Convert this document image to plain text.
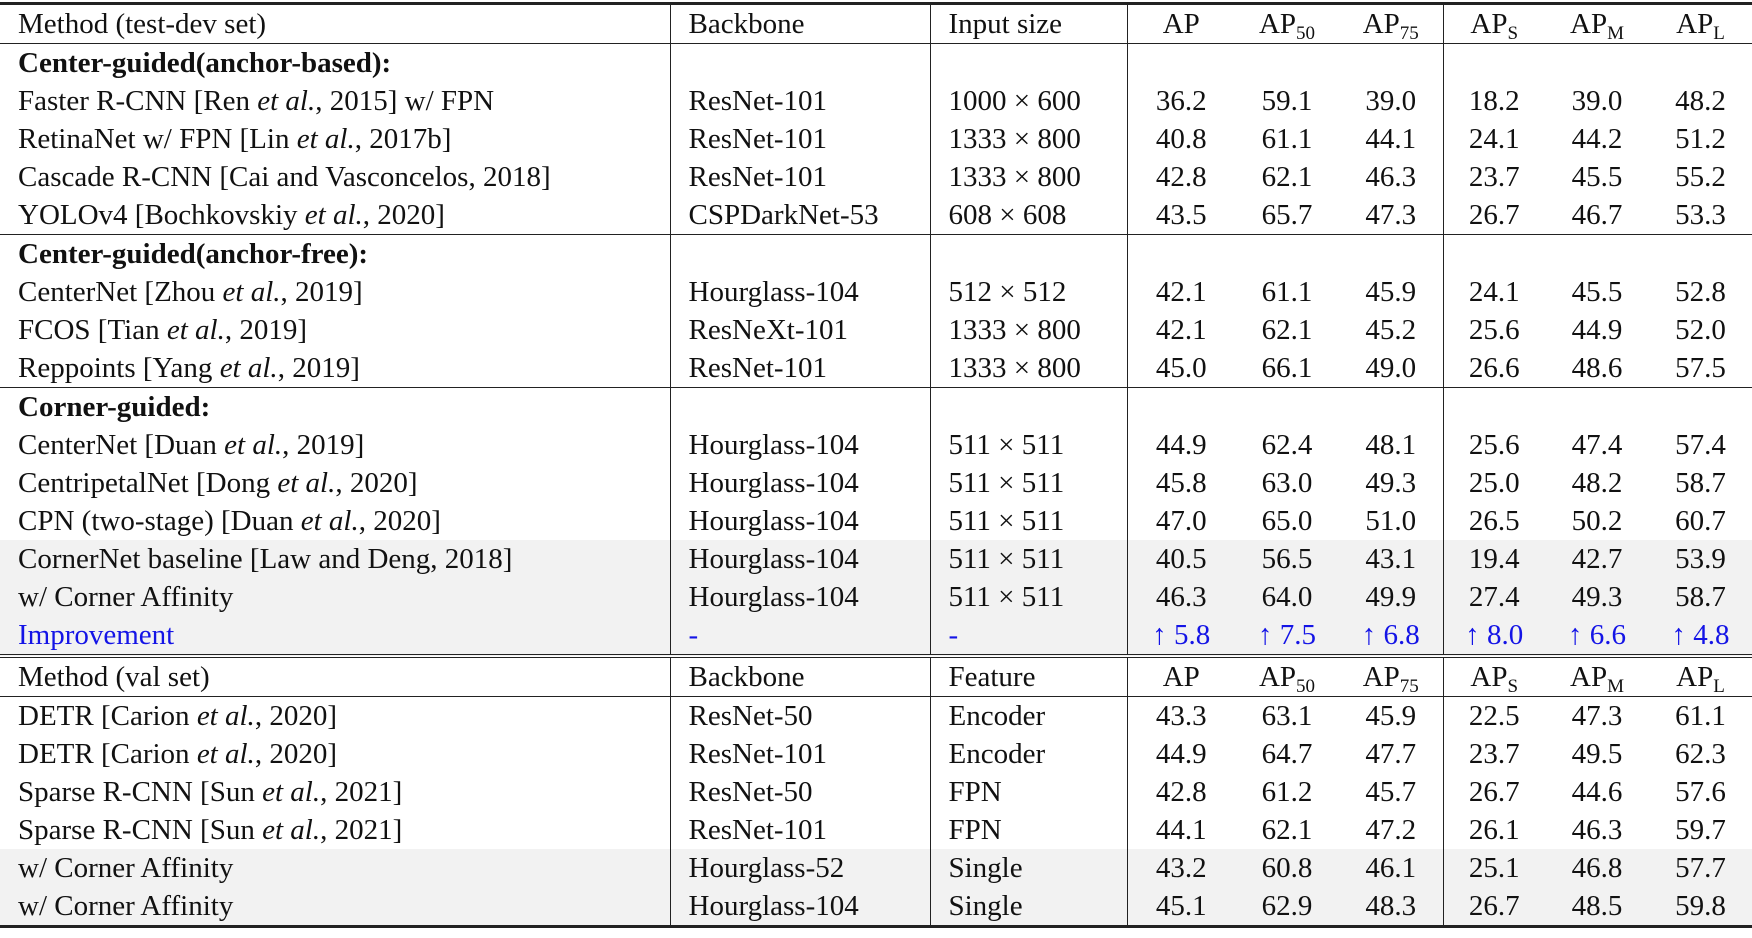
Method (test-dev set)	Backbone	Input size	AP	$AP_{50}$	$AP_{75}$	$AP_S$	$AP_M$	$AP_L$
Center-guided(anchor-based):								
Faster R-CNN [Ren et al., 2015] w/ FPN	ResNet-101	1000 × 600	36.2	59.1	39.0	18.2	39.0	48.2
RetinaNet w/ FPN [Lin et al., 2017b]	ResNet-101	1333 × 800	40.8	61.1	44.1	24.1	44.2	51.2
Cascade R-CNN [Cai and Vasconcelos, 2018]	ResNet-101	1333 × 800	42.8	62.1	46.3	23.7	45.5	55.2
YOLOv4 [Bochkovskiy et al., 2020]	CSPDarkNet-53	608 × 608	43.5	65.7	47.3	26.7	46.7	53.3
Center-guided(anchor-free):								
CenterNet [Zhou et al., 2019]	Hourglass-104	512 × 512	42.1	61.1	45.9	24.1	45.5	52.8
FCOS [Tian et al., 2019]	ResNeXt-101	1333 × 800	42.1	62.1	45.2	25.6	44.9	52.0
Reppoints [Yang et al., 2019]	ResNet-101	1333 × 800	45.0	66.1	49.0	26.6	48.6	57.5
Corner-guided:								
CenterNet [Duan et al., 2019]	Hourglass-104	511 × 511	44.9	62.4	48.1	25.6	47.4	57.4
CentripetalNet [Dong et al., 2020]	Hourglass-104	511 × 511	45.8	63.0	49.3	25.0	48.2	58.7
CPN (two-stage) [Duan et al., 2020]	Hourglass-104	511 × 511	47.0	65.0	51.0	26.5	50.2	60.7
CornerNet baseline [Law and Deng, 2018]	Hourglass-104	511 × 511	40.5	56.5	43.1	19.4	42.7	53.9
w/ Corner Affinity	Hourglass-104	511 × 511	46.3	64.0	49.9	27.4	49.3	58.7
Improvement	-	-	↑ 5.8	↑ 7.5	↑ 6.8	↑ 8.0	↑ 6.6	↑ 4.8
Method (val set)	Backbone	Feature	AP	$AP_{50}$	$AP_{75}$	$AP_S$	$AP_M$	$AP_L$
DETR [Carion et al., 2020]	ResNet-50	Encoder	43.3	63.1	45.9	22.5	47.3	61.1
DETR [Carion et al., 2020]	ResNet-101	Encoder	44.9	64.7	47.7	23.7	49.5	62.3
Sparse R-CNN [Sun et al., 2021]	ResNet-50	FPN	42.8	61.2	45.7	26.7	44.6	57.6
Sparse R-CNN [Sun et al., 2021]	ResNet-101	FPN	44.1	62.1	47.2	26.1	46.3	59.7
w/ Corner Affinity	Hourglass-52	Single	43.2	60.8	46.1	25.1	46.8	57.7
w/ Corner Affinity	Hourglass-104	Single	45.1	62.9	48.3	26.7	48.5	59.8
